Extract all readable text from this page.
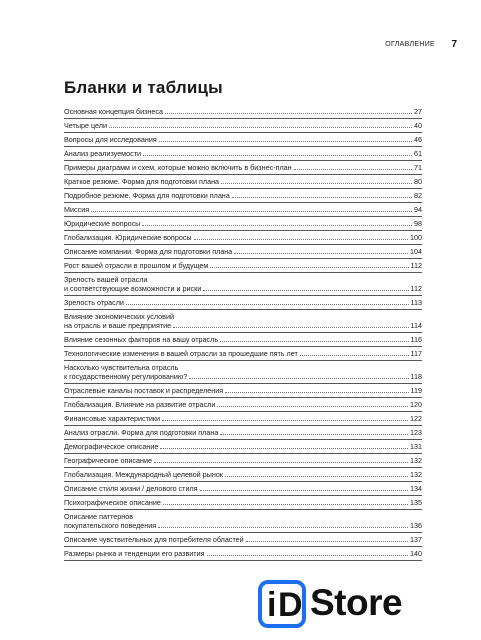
ОГЛАВЛЕНИЕ 7
Бланки и таблицы
Основная концепция бизнеса	27
Четыре цели	40
Вопросы для исследования	46
Анализ реализуемости	61
Примеры диаграмм и схем, которые можно включить в бизнес-план	71
Краткое резюме. Форма для подготовки плана	80
Подробное резюме. Форма для подготовки плана	82
Миссия	94
Юридические вопросы	98
Глобализация. Юридические вопросы	100
Описание компании. Форма для подготовки плана	104
Рост вашей отрасли в прошлом и будущем	112
Зрелость вашей отрасли
и соответствующие возможности и риски	112
Зрелость отрасли	113
Влияние экономических условий
на отрасль и ваше предприятие	114
Влияние сезонных факторов на вашу отрасль	116
Технологические изменения в вашей отрасли за прошедшие пять лет	117
Насколько чувствительна отрасль
к государственному регулированию?	118
Отраслевые каналы поставок и распределения	119
Глобализация. Влияние на развитие отрасли	120
Финансовые характеристики	122
Анализ отрасли. Форма для подготовки плана	123
Демографическое описание	131
Географическое описание	132
Глобализация. Международный целевой рынок	132
Описание стиля жизни / делового стиля	134
Психографическое описание	135
Описание паттернов
покупательского поведения	136
Описание чувствительных для потребителя областей	137
Размеры рынка и тенденции его развития	140
i D Store
